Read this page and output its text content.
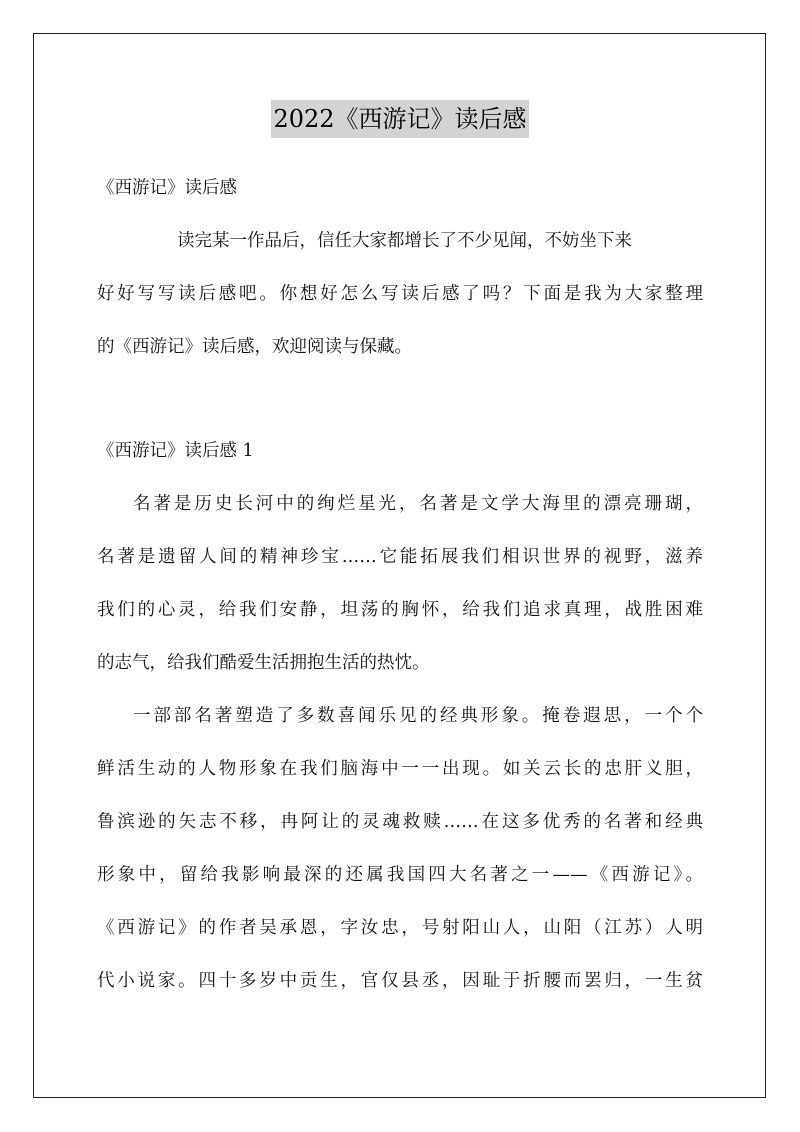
2022《西游记》读后感
《西游记》读后感
读完某一作品后，信任大家都增长了不少见闻，不妨坐下来
好好写写读后感吧。你想好怎么写读后感了吗？下面是我为大家整理
的《西游记》读后感，欢迎阅读与保藏。
《西游记》读后感 1
名著是历史长河中的绚烂星光，名著是文学大海里的漂亮珊瑚，
名著是遗留人间的精神珍宝……它能拓展我们相识世界的视野，滋养
我们的心灵，给我们安静，坦荡的胸怀，给我们追求真理，战胜困难
的志气，给我们酷爱生活拥抱生活的热忱。
一部部名著塑造了多数喜闻乐见的经典形象。掩卷遐思，一个个
鲜活生动的人物形象在我们脑海中一一出现。如关云长的忠肝义胆，
鲁滨逊的矢志不移，冉阿让的灵魂救赎……在这多优秀的名著和经典
形象中，留给我影响最深的还属我国四大名著之一——《西游记》。
《西游记》的作者吴承恩，字汝忠，号射阳山人，山阳（江苏）人明
代小说家。四十多岁中贡生，官仅县丞，因耻于折腰而罢归，一生贫
